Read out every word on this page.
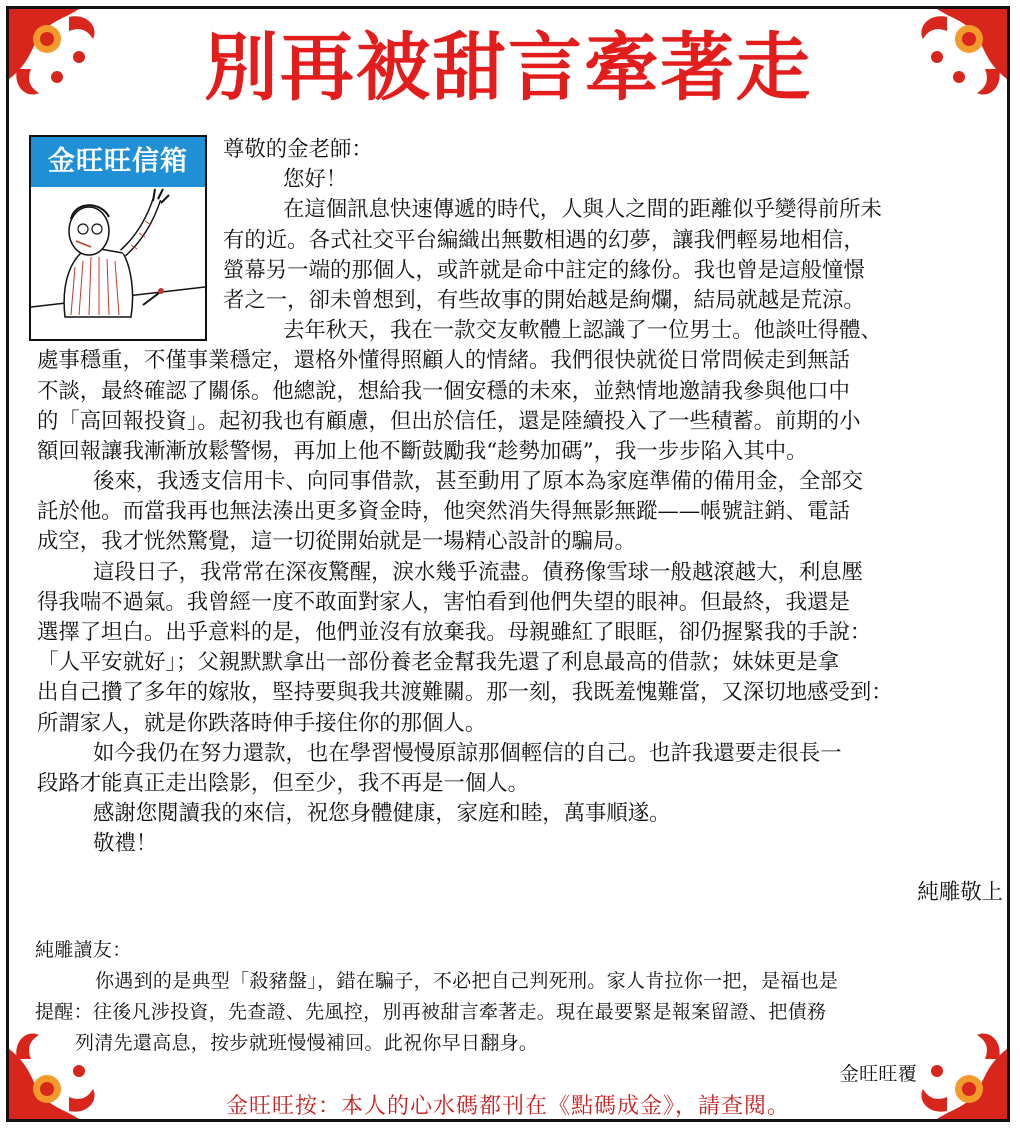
別再被甜言牽著走
金旺旺信箱	尊敬的金老師：
您好！
在這個訊息快速傳遞的時代，人與人之間的距離似乎變得前所未
有的近。各式社交平台編織出無數相遇的幻夢，讓我們輕易地相信，
螢幕另一端的那個人，或許就是命中註定的緣份。我也曾是這般憧憬
者之一，卻未曾想到，有些故事的開始越是絢爛，結局就越是荒涼。
去年秋天，我在一款交友軟體上認識了一位男士。他談吐得體、
處事穩重，不僅事業穩定，還格外懂得照顧人的情緒。我們很快就從日常問候走到無話
不談，最終確認了關係。他總說，想給我一個安穩的未來，並熱情地邀請我參與他口中
的「高回報投資」。起初我也有顧慮，但出於信任，還是陸續投入了一些積蓄。前期的小
額回報讓我漸漸放鬆警惕，再加上他不斷鼓勵我“趁勢加碼”，我一步步陷入其中。
後來，我透支信用卡、向同事借款，甚至動用了原本為家庭準備的備用金，全部交
託於他。而當我再也無法湊出更多資金時，他突然消失得無影無蹤——帳號註銷、電話
成空，我才恍然驚覺，這一切從開始就是一場精心設計的騙局。
這段日子，我常常在深夜驚醒，淚水幾乎流盡。債務像雪球一般越滾越大，利息壓
得我喘不過氣。我曾經一度不敢面對家人，害怕看到他們失望的眼神。但最終，我還是
選擇了坦白。出乎意料的是，他們並沒有放棄我。母親雖紅了眼眶，卻仍握緊我的手說：
「人平安就好」；父親默默拿出一部份養老金幫我先還了利息最高的借款；妹妹更是拿
出自己攢了多年的嫁妝，堅持要與我共渡難關。那一刻，我既羞愧難當，又深切地感受到：
所謂家人，就是你跌落時伸手接住你的那個人。
如今我仍在努力還款，也在學習慢慢原諒那個輕信的自己。也許我還要走很長一
段路才能真正走出陰影，但至少，我不再是一個人。
感謝您閱讀我的來信，祝您身體健康，家庭和睦，萬事順遂。
敬禮！
純雕敬上
純雕讀友：
你遇到的是典型「殺豬盤」，錯在騙子，不必把自己判死刑。家人肯拉你一把，是福也是
提醒：往後凡涉投資，先查證、先風控，別再被甜言牽著走。現在最要緊是報案留證、把債務
列清先還高息，按步就班慢慢補回。此祝你早日翻身。
金旺旺覆
金旺旺按：本人的心水碼都刊在《點碼成金》，請查閱。
